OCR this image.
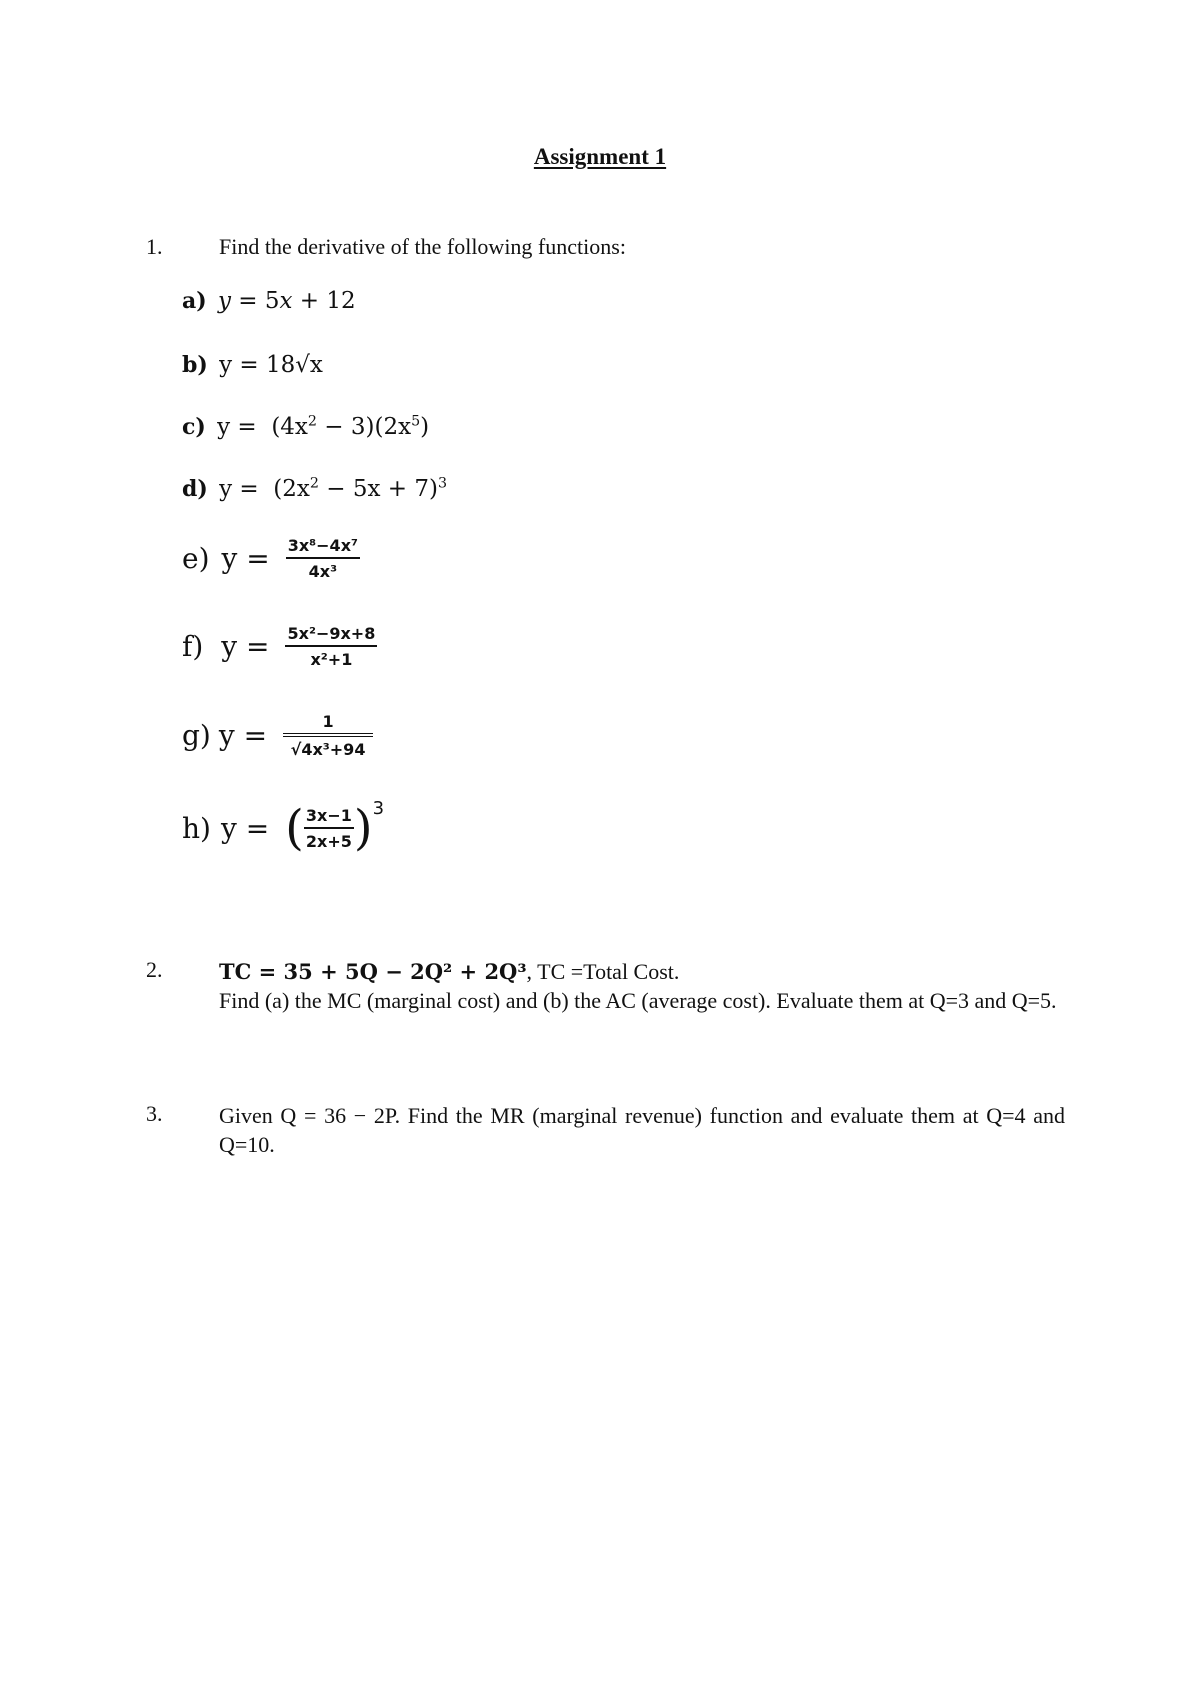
Assignment 1
1.	Find the derivative of the following functions:
a) y = 5x + 12
b)  y = 18√x
c)  $y = (4x^2 - 3)(2x^5)$
d)  $y = (2x^2 - 5x + 7)^3$
e) $y = \frac{\text{3x⁸−4x⁷}}{\text{4x³}}$
f) $y = \frac{\text{5x²−9x+8}}{\text{x²+1}}$
g) $y = \frac{1}{\text{√4x³+94}}$
h) y = ( $\frac{3x-1}{2x+5}$ ) 3
2.	TC = 35 + 5Q − 2Q² + 2Q³, TC =Total Cost.
Find (a) the MC (marginal cost) and (b) the AC (average cost). Evaluate them at Q=3 and Q=5.
3.	Given Q = 36 − 2P. Find the MR (marginal revenue) function and evaluate them at Q=4 and Q=10.
